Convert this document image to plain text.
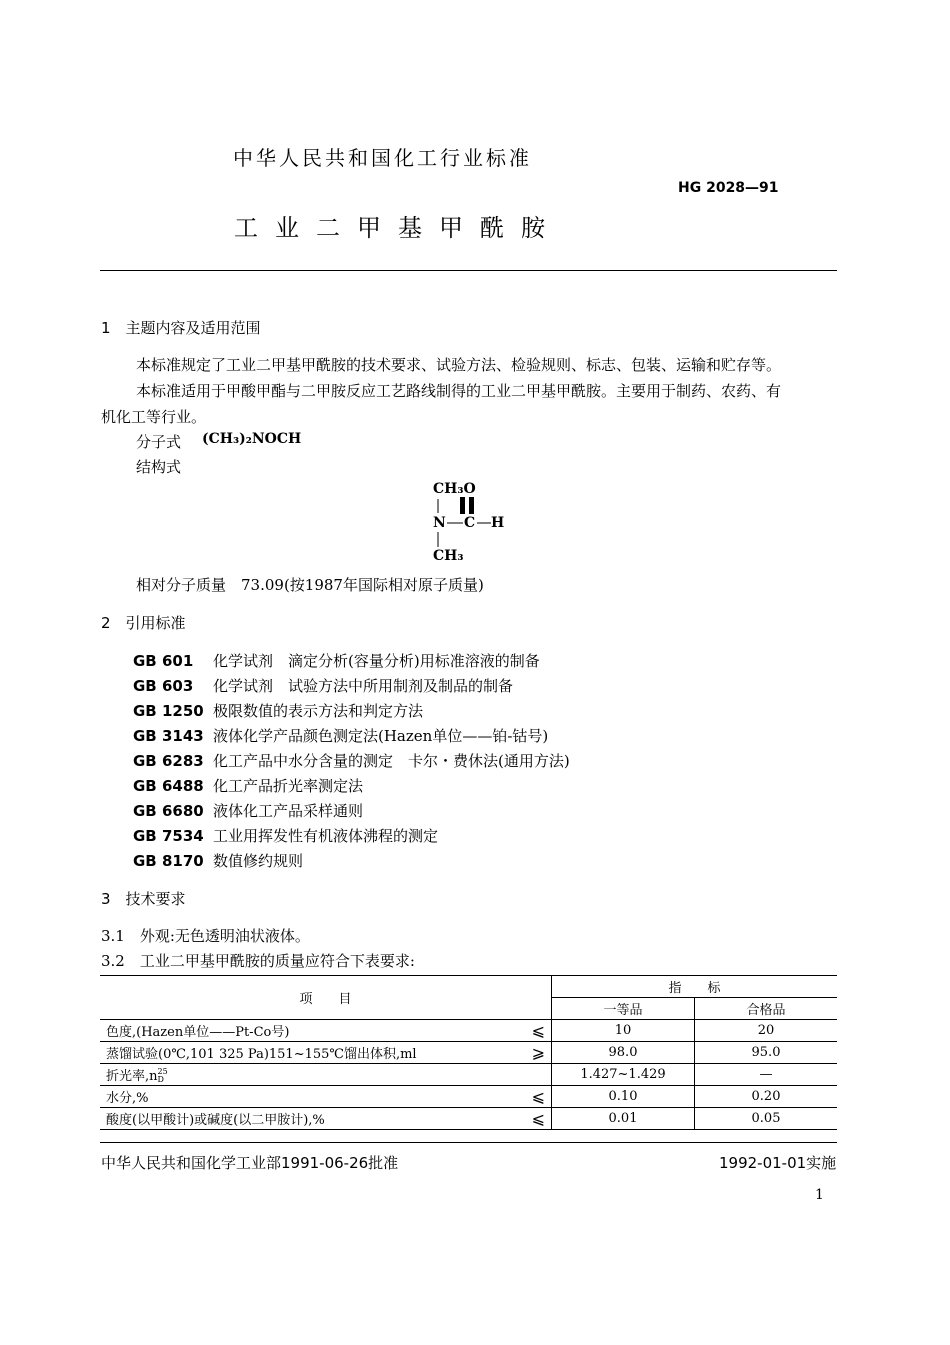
中华人民共和国化工行业标准
HG 2028—91
工业二甲基甲酰胺
1　主题内容及适用范围
本标准规定了工业二甲基甲酰胺的技术要求、试验方法、检验规则、标志、包装、运输和贮存等。
本标准适用于甲酸甲酯与二甲胺反应工艺路线制得的工业二甲基甲酰胺。主要用于制药、农药、有
机化工等行业。
分子式 (CH₃)₂NOCH
结构式
CH₃O
N C H
CH₃
相对分子质量　73.09(按1987年国际相对原子质量)
2　引用标准
GB 601 化学试剂　滴定分析(容量分析)用标准溶液的制备
GB 603 化学试剂　试验方法中所用制剂及制品的制备
GB 1250 极限数值的表示方法和判定方法
GB 3143 液体化学产品颜色测定法(Hazen单位——铂-钴号)
GB 6283 化工产品中水分含量的测定　卡尔・费休法(通用方法)
GB 6488 化工产品折光率测定法
GB 6680 液体化工产品采样通则
GB 7534 工业用挥发性有机液体沸程的测定
GB 8170 数值修约规则
3　技术要求
3.1　外观:无色透明油状液体。
3.2　工业二甲基甲酰胺的质量应符合下表要求:
项　　目		指　　标	
		一等品	合格品
色度,(Hazen单位——Pt-Co号)	⩽	10	20
蒸馏试验(0℃,101 325 Pa)151~155℃馏出体积,ml	⩾	98.0	95.0
折光率,n 25
D		1.427~1.429	—
水分,%	⩽	0.10	0.20
酸度(以甲酸计)或碱度(以二甲胺计),%	⩽	0.01	0.05
中华人民共和国化学工业部1991-06-26批准	1992-01-01实施
1
